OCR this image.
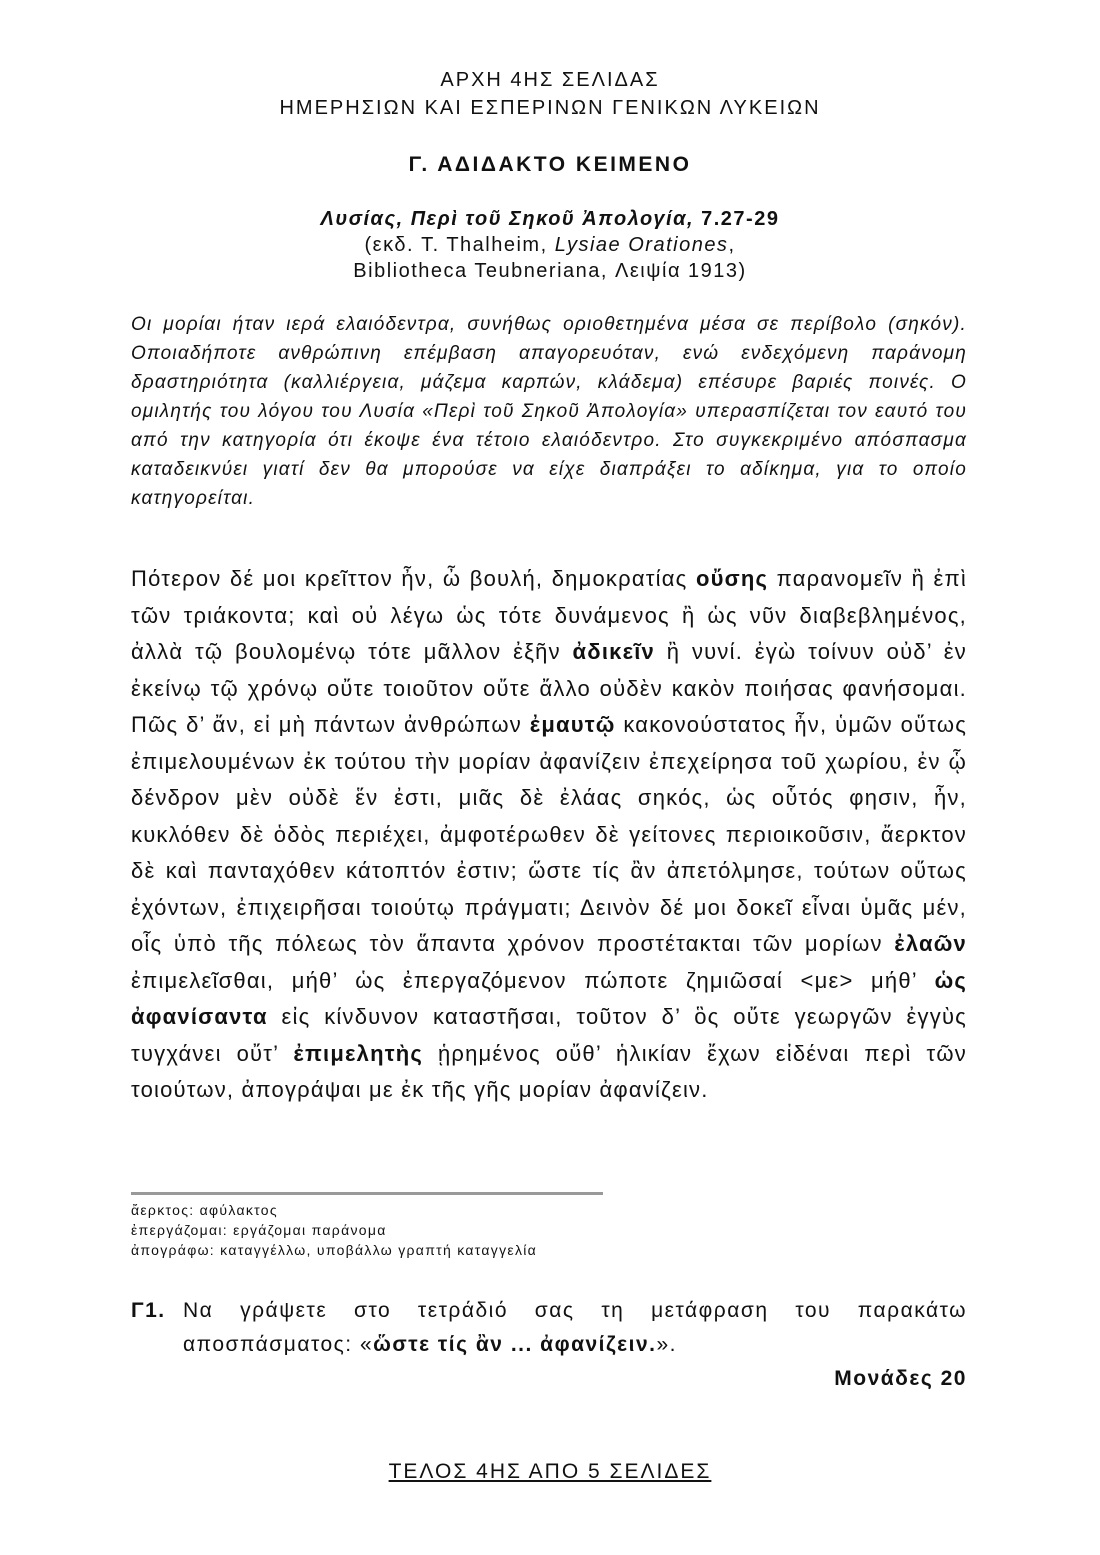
ΑΡΧΗ 4ΗΣ ΣΕΛΙΔΑΣ
ΗΜΕΡΗΣΙΩΝ ΚΑΙ ΕΣΠΕΡΙΝΩΝ ΓΕΝΙΚΩΝ ΛΥΚΕΙΩΝ
Γ. ΑΔΙΔΑΚΤΟ ΚΕΙΜΕΝΟ
Λυσίας, Περὶ τοῦ Σηκοῦ Ἀπολογία, 7.27-29
(εκδ. T. Thalheim, Lysiae Orationes,
Bibliotheca Teubneriana, Λειψία 1913)

Οι μορίαι ήταν ιερά ελαιόδεντρα, συνήθως οριοθετημένα μέσα σε περίβολο (σηκόν). Οποιαδήποτε ανθρώπινη επέμβαση απαγορευόταν, ενώ ενδεχόμενη παράνομη δραστηριότητα (καλλιέργεια, μάζεμα καρπών, κλάδεμα) επέσυρε βαριές ποινές. Ο ομιλητής του λόγου του Λυσία «Περὶ τοῦ Σηκοῦ Ἀπολογία» υπερασπίζεται τον εαυτό του από την κατηγορία ότι έκοψε ένα τέτοιο ελαιόδεντρο. Στο συγκεκριμένο απόσπασμα καταδεικνύει γιατί δεν θα μπορούσε να είχε διαπράξει το αδίκημα, για το οποίο κατηγορείται.

Πότερον δέ μοι κρεῖττον ἦν, ὦ βουλή, δημοκρατίας οὔσης παρανομεῖν ἢ ἐπὶ τῶν τριάκοντα; καὶ οὐ λέγω ὡς τότε δυνάμενος ἢ ὡς νῦν διαβεβλημένος, ἀλλὰ τῷ βουλομένῳ τότε μᾶλλον ἐξῆν ἀδικεῖν ἢ νυνί. ἐγὼ τοίνυν οὐδ’ ἐν ἐκείνῳ τῷ χρόνῳ οὔτε τοιοῦτον οὔτε ἄλλο οὐδὲν κακὸν ποιήσας φανήσομαι. Πῶς δ’ ἄν, εἰ μὴ πάντων ἀνθρώπων ἐμαυτῷ κακονούστατος ἦν, ὑμῶν οὕτως ἐπιμελουμένων ἐκ τούτου τὴν μορίαν ἀφανίζειν ἐπεχείρησα τοῦ χωρίου, ἐν ᾧ δένδρον μὲν οὐδὲ ἕν ἐστι, μιᾶς δὲ ἐλάας σηκός, ὡς οὗτός φησιν, ἦν, κυκλόθεν δὲ ὁδὸς περιέχει, ἀμφοτέρωθεν δὲ γείτονες περιοικοῦσιν, ἄερκτον δὲ καὶ πανταχόθεν κάτοπτόν ἐστιν; ὥστε τίς ἂν ἀπετόλμησε, τούτων οὕτως ἐχόντων, ἐπιχειρῆσαι τοιούτῳ πράγματι; Δεινὸν δέ μοι δοκεῖ εἶναι ὑμᾶς μέν, οἷς ὑπὸ τῆς πόλεως τὸν ἅπαντα χρόνον προστέτακται τῶν μορίων ἐλαῶν ἐπιμελεῖσθαι, μήθ’ ὡς ἐπεργαζόμενον πώποτε ζημιῶσαί <με> μήθ’ ὡς ἀφανίσαντα εἰς κίνδυνον καταστῆσαι, τοῦτον δ’ ὃς οὔτε γεωργῶν ἐγγὺς τυγχάνει οὔτ’ ἐπιμελητὴς ᾑρημένος οὔθ’ ἡλικίαν ἔχων εἰδέναι περὶ τῶν τοιούτων, ἀπογράψαι με ἐκ τῆς γῆς μορίαν ἀφανίζειν.

ἄερκτος: αφύλακτος
ἐπεργάζομαι: εργάζομαι παράνομα
ἀπογράφω: καταγγέλλω, υποβάλλω γραπτή καταγγελία
Γ1. Να γράψετε στο τετράδιό σας τη μετάφραση του παρακάτω αποσπάσματος: «ὥστε τίς ἂν ... ἀφανίζειν.».
Μονάδες 20
ΤΕΛΟΣ 4ΗΣ ΑΠΟ 5 ΣΕΛΙΔΕΣ
